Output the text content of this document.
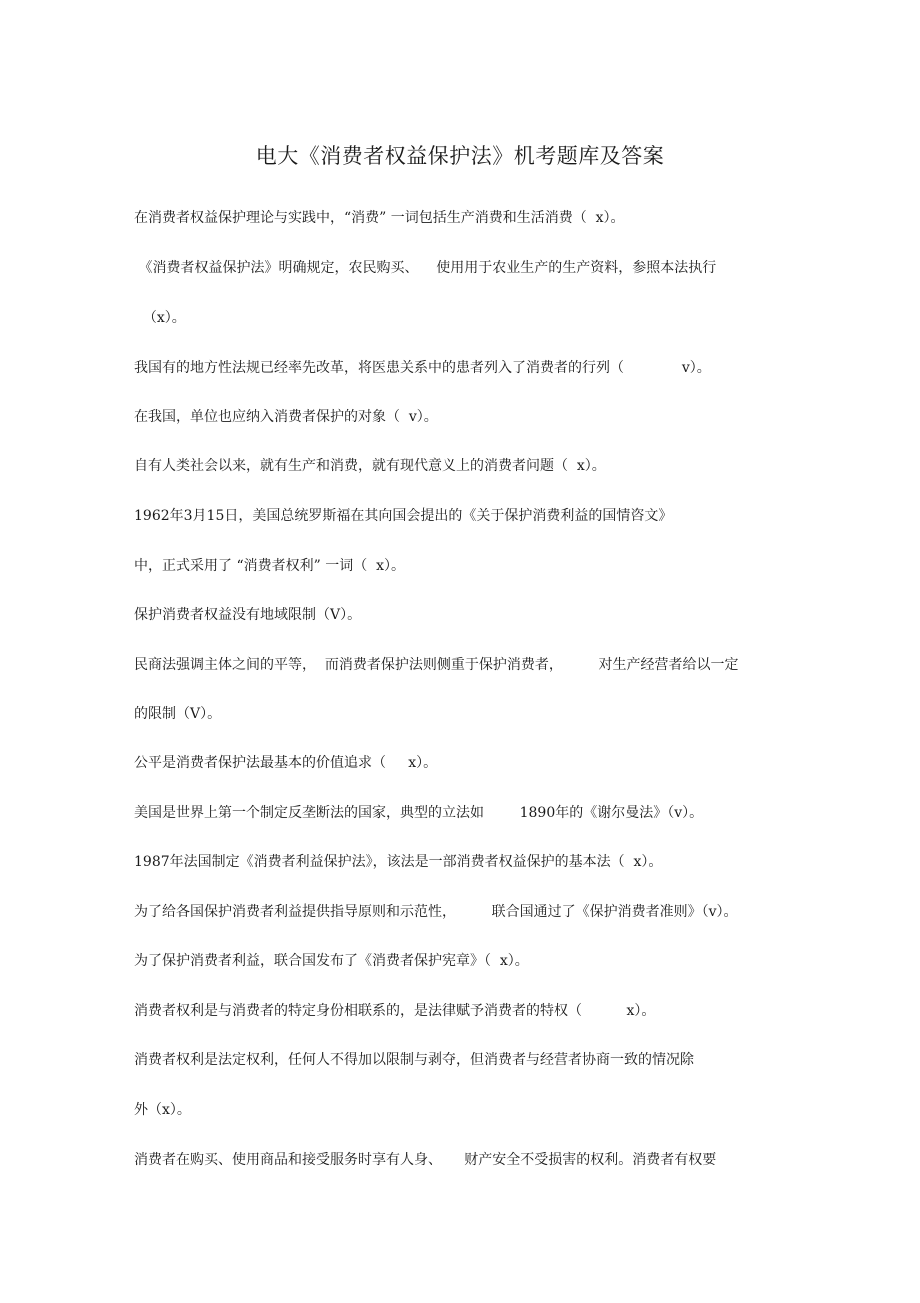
电大《消费者权益保护法》机考题库及答案
在消费者权益保护理论与实践中，“消费” 一词包括生产消费和生活消费（  x）。
《消费者权益保护法》明确规定，农民购买、    使用用于农业生产的生产资料，参照本法执行
（x）。
我国有的地方性法规已经率先改革，将医患关系中的患者列入了消费者的行列（             v）。
在我国，单位也应纳入消费者保护的对象（  v）。
自有人类社会以来，就有生产和消费，就有现代意义上的消费者问题（  x）。
1962年3月15日，美国总统罗斯福在其向国会提出的《关于保护消费利益的国情咨文》
中，正式采用了 “消费者权利” 一词（  x）。
保护消费者权益没有地域限制（V）。
民商法强调主体之间的平等，  而消费者保护法则侧重于保护消费者，        对生产经营者给以一定
的限制（V）。
公平是消费者保护法最基本的价值追求（     x）。
美国是世界上第一个制定反垄断法的国家，典型的立法如        1890年的《谢尔曼法》（v）。
1987年法国制定《消费者利益保护法》，该法是一部消费者权益保护的基本法（  x）。
为了给各国保护消费者利益提供指导原则和示范性，        联合国通过了《保护消费者准则》（v）。
为了保护消费者利益，联合国发布了《消费者保护宪章》（  x）。
消费者权利是与消费者的特定身份相联系的，是法律赋予消费者的特权（          x）。
消费者权利是法定权利，任何人不得加以限制与剥夺，但消费者与经营者协商一致的情况除
外（x）。
消费者在购买、使用商品和接受服务时享有人身、     财产安全不受损害的权利。消费者有权要
